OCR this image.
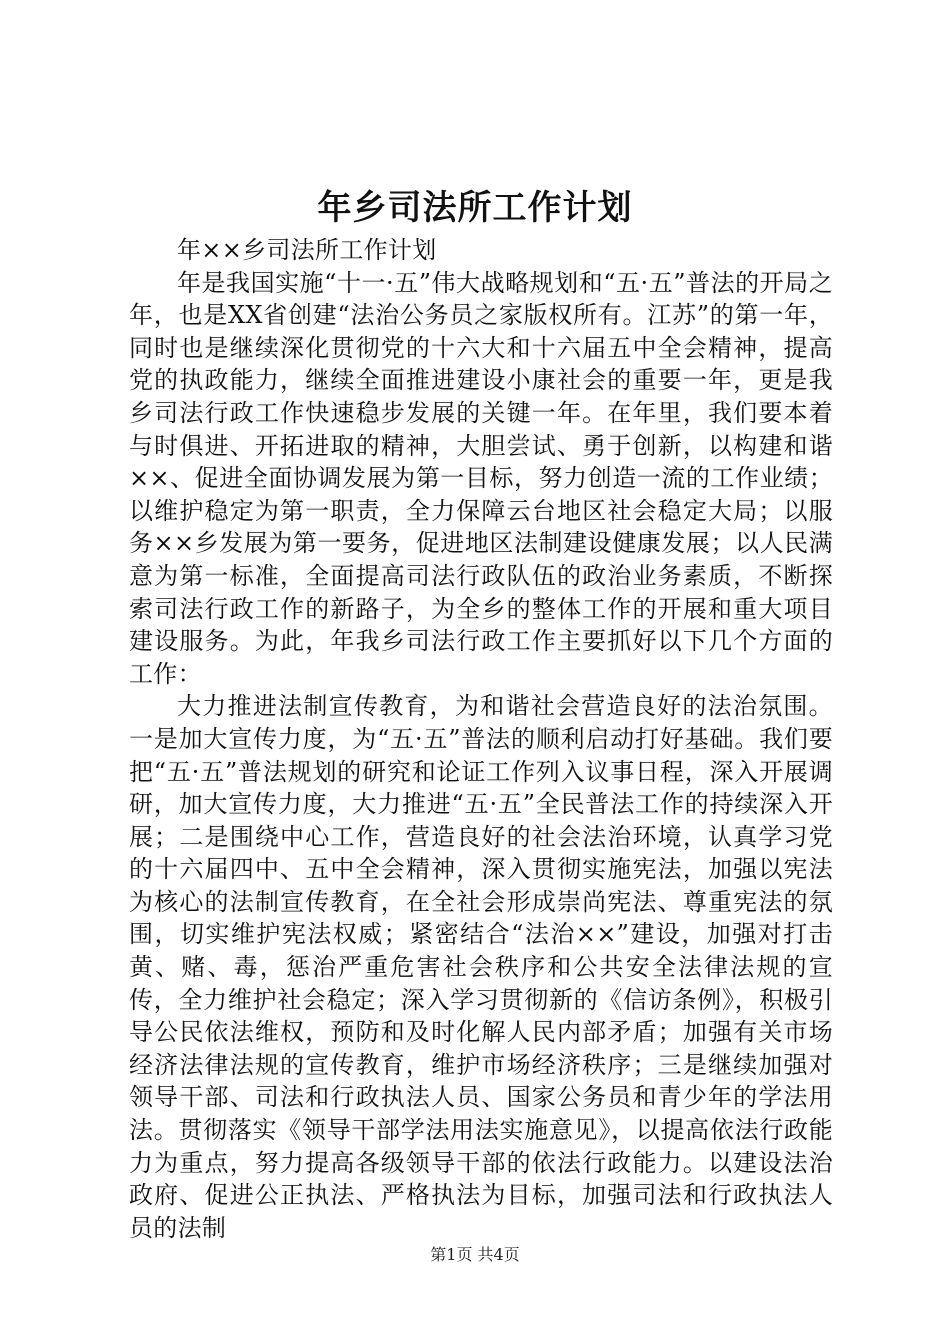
年乡司法所工作计划

年××乡司法所工作计划

年是我国实施“十一·五”伟大战略规划和“五·五”普法的开局之年，也是XX省创建“法治公务员之家版权所有。江苏”的第一年，同时也是继续深化贯彻党的十六大和十六届五中全会精神，提高党的执政能力，继续全面推进建设小康社会的重要一年，更是我乡司法行政工作快速稳步发展的关键一年。在年里，我们要本着与时俱进、开拓进取的精神，大胆尝试、勇于创新，以构建和谐××、促进全面协调发展为第一目标，努力创造一流的工作业绩；以维护稳定为第一职责，全力保障云台地区社会稳定大局；以服务××乡发展为第一要务，促进地区法制建设健康发展；以人民满意为第一标准，全面提高司法行政队伍的政治业务素质，不断探索司法行政工作的新路子，为全乡的整体工作的开展和重大项目建设服务。为此，年我乡司法行政工作主要抓好以下几个方面的工作：

大力推进法制宣传教育，为和谐社会营造良好的法治氛围。一是加大宣传力度，为“五·五”普法的顺利启动打好基础。我们要把“五·五”普法规划的研究和论证工作列入议事日程，深入开展调研，加大宣传力度，大力推进“五·五”全民普法工作的持续深入开展；二是围绕中心工作，营造良好的社会法治环境，认真学习党的十六届四中、五中全会精神，深入贯彻实施宪法，加强以宪法为核心的法制宣传教育，在全社会形成崇尚宪法、尊重宪法的氛围，切实维护宪法权威；紧密结合“法治××”建设，加强对打击黄、赌、毒，惩治严重危害社会秩序和公共安全法律法规的宣传，全力维护社会稳定；深入学习贯彻新的《信访条例》，积极引导公民依法维权，预防和及时化解人民内部矛盾；加强有关市场经济法律法规的宣传教育，维护市场经济秩序；三是继续加强对领导干部、司法和行政执法人员、国家公务员和青少年的学法用法。贯彻落实《领导干部学法用法实施意见》，以提高依法行政能力为重点，努力提高各级领导干部的依法行政能力。以建设法治政府、促进公正执法、严格执法为目标，加强司法和行政执法人员的法制

第1页 共4页
